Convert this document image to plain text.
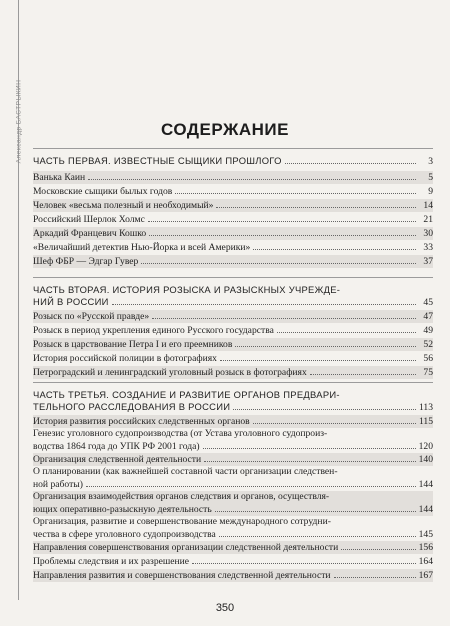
Александр БАСТРЫКИН	СОДЕРЖАНИЕ
ЧАСТЬ ПЕРВАЯ. ИЗВЕСТНЫЕ СЫЩИКИ ПРОШЛОГО	3
Ванька Каин	5
Московские сыщики былых годов	9
Человек «весьма полезный и необходимый»	14
Российский Шерлок Холмс	21
Аркадий Францевич Кошко	30
«Величайший детектив Нью-Йорка и всей Америки»	33
Шеф ФБР — Эдгар Гувер	37
ЧАСТЬ ВТОРАЯ. ИСТОРИЯ РОЗЫСКА И РАЗЫСКНЫХ УЧРЕЖДЕ-
НИЙ В РОССИИ	45
Розыск по «Русской правде»	47
Розыск в период укрепления единого Русского государства	49
Розыск в царствование Петра I и его преемников	52
История российской полиции в фотографиях	56
Петроградский и ленинградский уголовный розыск в фотографиях	75
ЧАСТЬ ТРЕТЬЯ. СОЗДАНИЕ И РАЗВИТИЕ ОРГАНОВ ПРЕДВАРИ-
ТЕЛЬНОГО РАССЛЕДОВАНИЯ В РОССИИ	113
История развития российских следственных органов	115
Генезис уголовного судопроизводства (от Устава уголовного судопроиз-
водства 1864 года до УПК РФ 2001 года)	120
Организация следственной деятельности	140
О планировании (как важнейшей составной части организации следствен-
ной работы)	144
Организация взаимодействия органов следствия и органов, осуществля-
ющих оперативно-разыскную деятельность	144
Организация, развитие и совершенствование международного сотрудни-
чества в сфере уголовного судопроизводства	145
Направления совершенствования организации следственной деятельности	156
Проблемы следствия и их разрешение	164
Направления развития и совершенствования следственной деятельности	167
350
